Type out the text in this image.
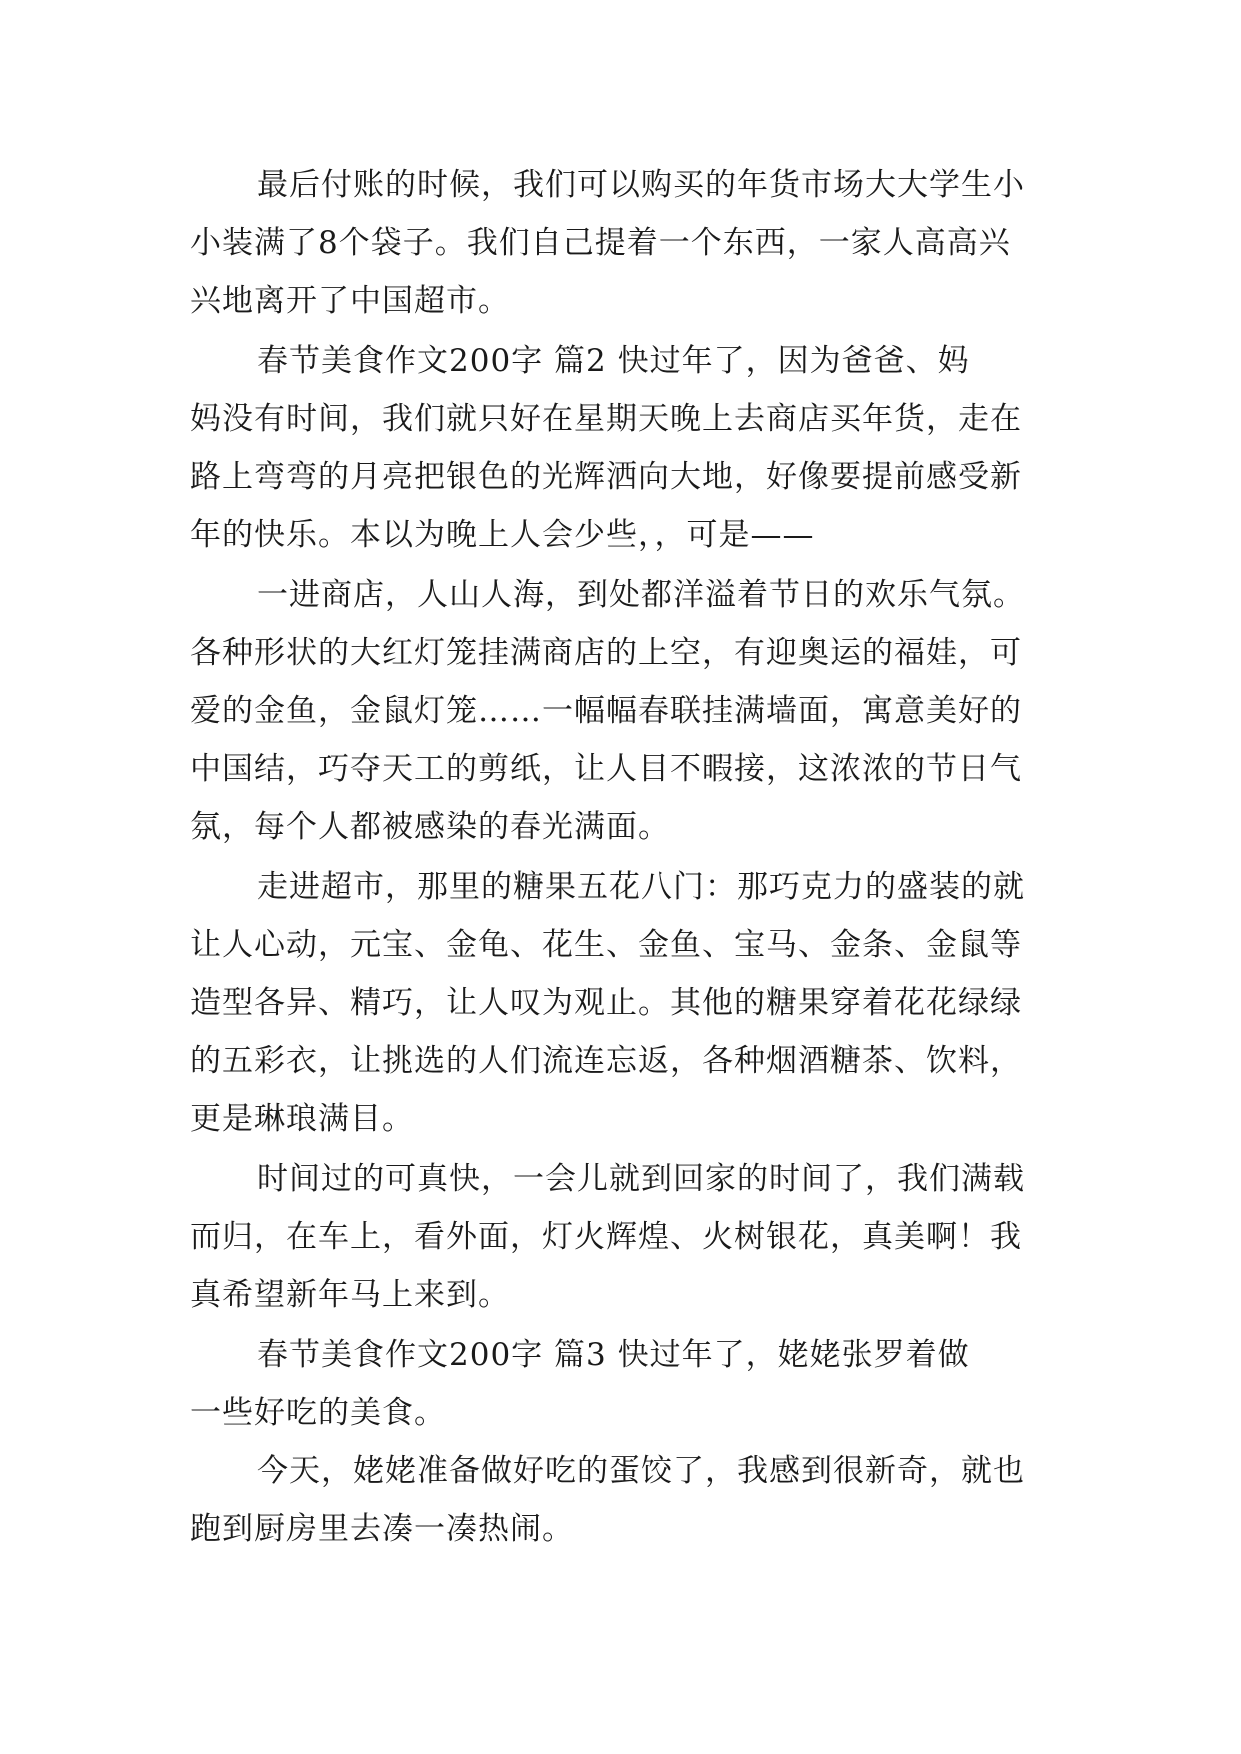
最后付账的时候，我们可以购买的年货市场大大学生小

小装满了8个袋子。我们自己提着一个东西，一家人高高兴

兴地离开了中国超市。

春节美食作文200字 篇2 快过年了，因为爸爸、妈

妈没有时间，我们就只好在星期天晚上去商店买年货，走在

路上弯弯的月亮把银色的光辉洒向大地，好像要提前感受新

年的快乐。本以为晚上人会少些，，可是——

一进商店，人山人海，到处都洋溢着节日的欢乐气氛。

各种形状的大红灯笼挂满商店的上空，有迎奥运的福娃，可

爱的金鱼，金鼠灯笼……一幅幅春联挂满墙面，寓意美好的

中国结，巧夺天工的剪纸，让人目不暇接，这浓浓的节日气

氛，每个人都被感染的春光满面。

走进超市，那里的糖果五花八门：那巧克力的盛装的就

让人心动，元宝、金龟、花生、金鱼、宝马、金条、金鼠等

造型各异、精巧，让人叹为观止。其他的糖果穿着花花绿绿

的五彩衣，让挑选的人们流连忘返，各种烟酒糖茶、饮料，

更是琳琅满目。

时间过的可真快，一会儿就到回家的时间了，我们满载

而归，在车上，看外面，灯火辉煌、火树银花，真美啊！我

真希望新年马上来到。

春节美食作文200字 篇3 快过年了，姥姥张罗着做

一些好吃的美食。

今天，姥姥准备做好吃的蛋饺了，我感到很新奇，就也

跑到厨房里去凑一凑热闹。
